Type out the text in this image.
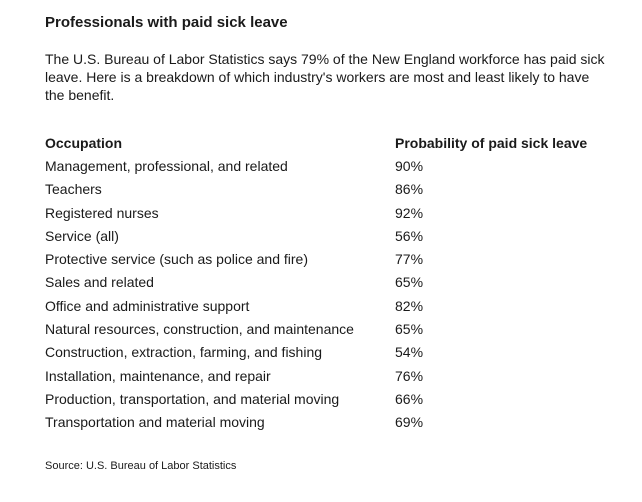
Professionals with paid sick leave

The U.S. Bureau of Labor Statistics says 79% of the New England workforce has paid sick leave. Here is a breakdown of which industry's workers are most and least likely to have the benefit.

Occupation	Probability of paid sick leave
Management, professional, and related	90%
Teachers	86%
Registered nurses	92%
Service (all)	56%
Protective service (such as police and fire)	77%
Sales and related	65%
Office and administrative support	82%
Natural resources, construction, and maintenance	65%
Construction, extraction, farming, and fishing	54%
Installation, maintenance, and repair	76%
Production, transportation, and material moving	66%
Transportation and material moving	69%

Source: U.S. Bureau of Labor Statistics
